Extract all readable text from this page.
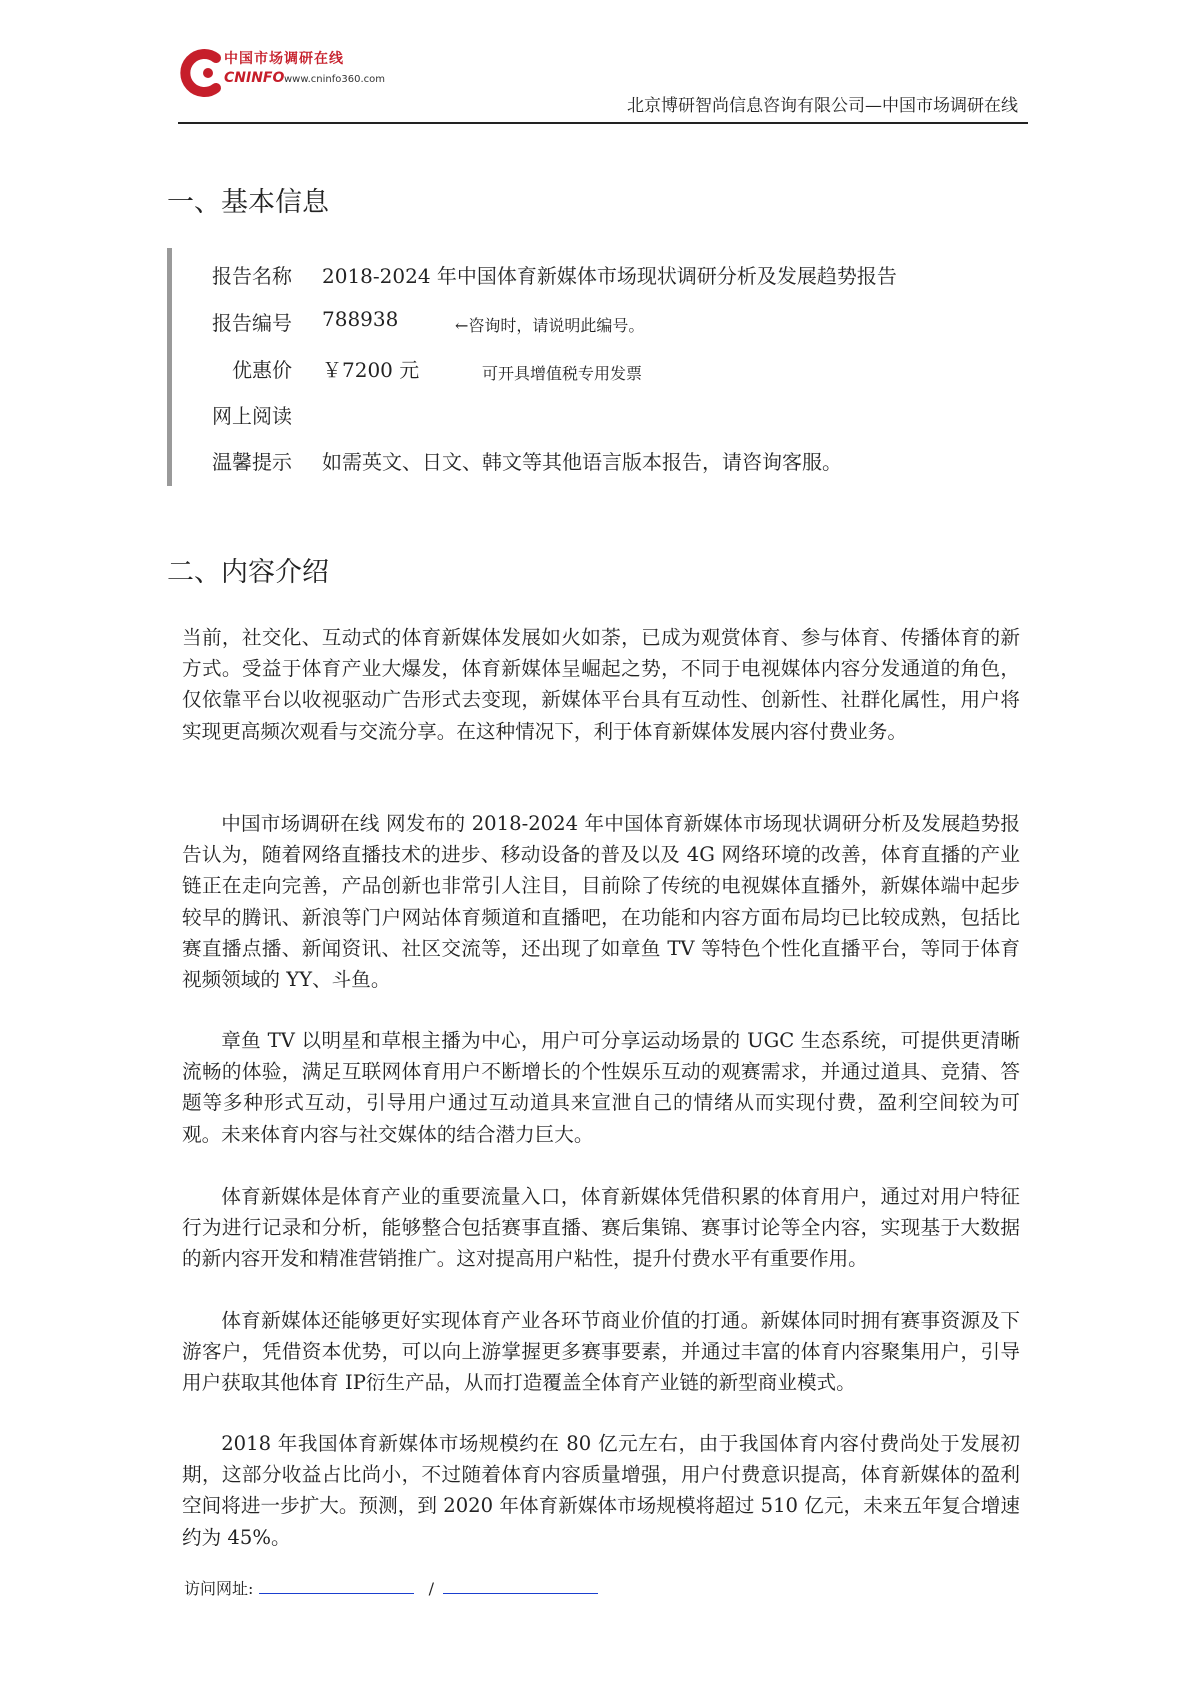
中国市场调研在线
CNINFO www.cninfo360.com
北京博研智尚信息咨询有限公司—中国市场调研在线
一、基本信息
报告名称 2018-2024 年中国体育新媒体市场现状调研分析及发展趋势报告
报告编号 788938	←咨询时，请说明此编号。
优惠价 ￥7200 元	可开具增值税专用发票
网上阅读
温馨提示 如需英文、日文、韩文等其他语言版本报告，请咨询客服。
二、内容介绍

当前，社交化、互动式的体育新媒体发展如火如荼，已成为观赏体育、参与体育、传播体育的新方式。受益于体育产业大爆发，体育新媒体呈崛起之势，不同于电视媒体内容分发通道的角色，仅依靠平台以收视驱动广告形式去变现，新媒体平台具有互动性、创新性、社群化属性，用户将实现更高频次观看与交流分享。在这种情况下，利于体育新媒体发展内容付费业务。

中国市场调研在线 网发布的 2018-2024 年中国体育新媒体市场现状调研分析及发展趋势报告认为，随着网络直播技术的进步、移动设备的普及以及 4G 网络环境的改善，体育直播的产业链正在走向完善，产品创新也非常引人注目，目前除了传统的电视媒体直播外，新媒体端中起步较早的腾讯、新浪等门户网站体育频道和直播吧，在功能和内容方面布局均已比较成熟，包括比赛直播点播、新闻资讯、社区交流等，还出现了如章鱼 TV 等特色个性化直播平台，等同于体育视频领域的 YY、斗鱼。

章鱼 TV 以明星和草根主播为中心，用户可分享运动场景的 UGC 生态系统，可提供更清晰流畅的体验，满足互联网体育用户不断增长的个性娱乐互动的观赛需求，并通过道具、竞猜、答题等多种形式互动，引导用户通过互动道具来宣泄自己的情绪从而实现付费，盈利空间较为可观。未来体育内容与社交媒体的结合潜力巨大。

体育新媒体是体育产业的重要流量入口，体育新媒体凭借积累的体育用户，通过对用户特征行为进行记录和分析，能够整合包括赛事直播、赛后集锦、赛事讨论等全内容，实现基于大数据的新内容开发和精准营销推广。这对提高用户粘性，提升付费水平有重要作用。

体育新媒体还能够更好实现体育产业各环节商业价值的打通。新媒体同时拥有赛事资源及下游客户，凭借资本优势，可以向上游掌握更多赛事要素，并通过丰富的体育内容聚集用户，引导用户获取其他体育 IP衍生产品，从而打造覆盖全体育产业链的新型商业模式。

2018 年我国体育新媒体市场规模约在 80 亿元左右，由于我国体育内容付费尚处于发展初期，这部分收益占比尚小，不过随着体育内容质量增强，用户付费意识提高，体育新媒体的盈利空间将进一步扩大。预测，到 2020 年体育新媒体市场规模将超过 510 亿元，未来五年复合增速约为 45%。

访问网址:	/
